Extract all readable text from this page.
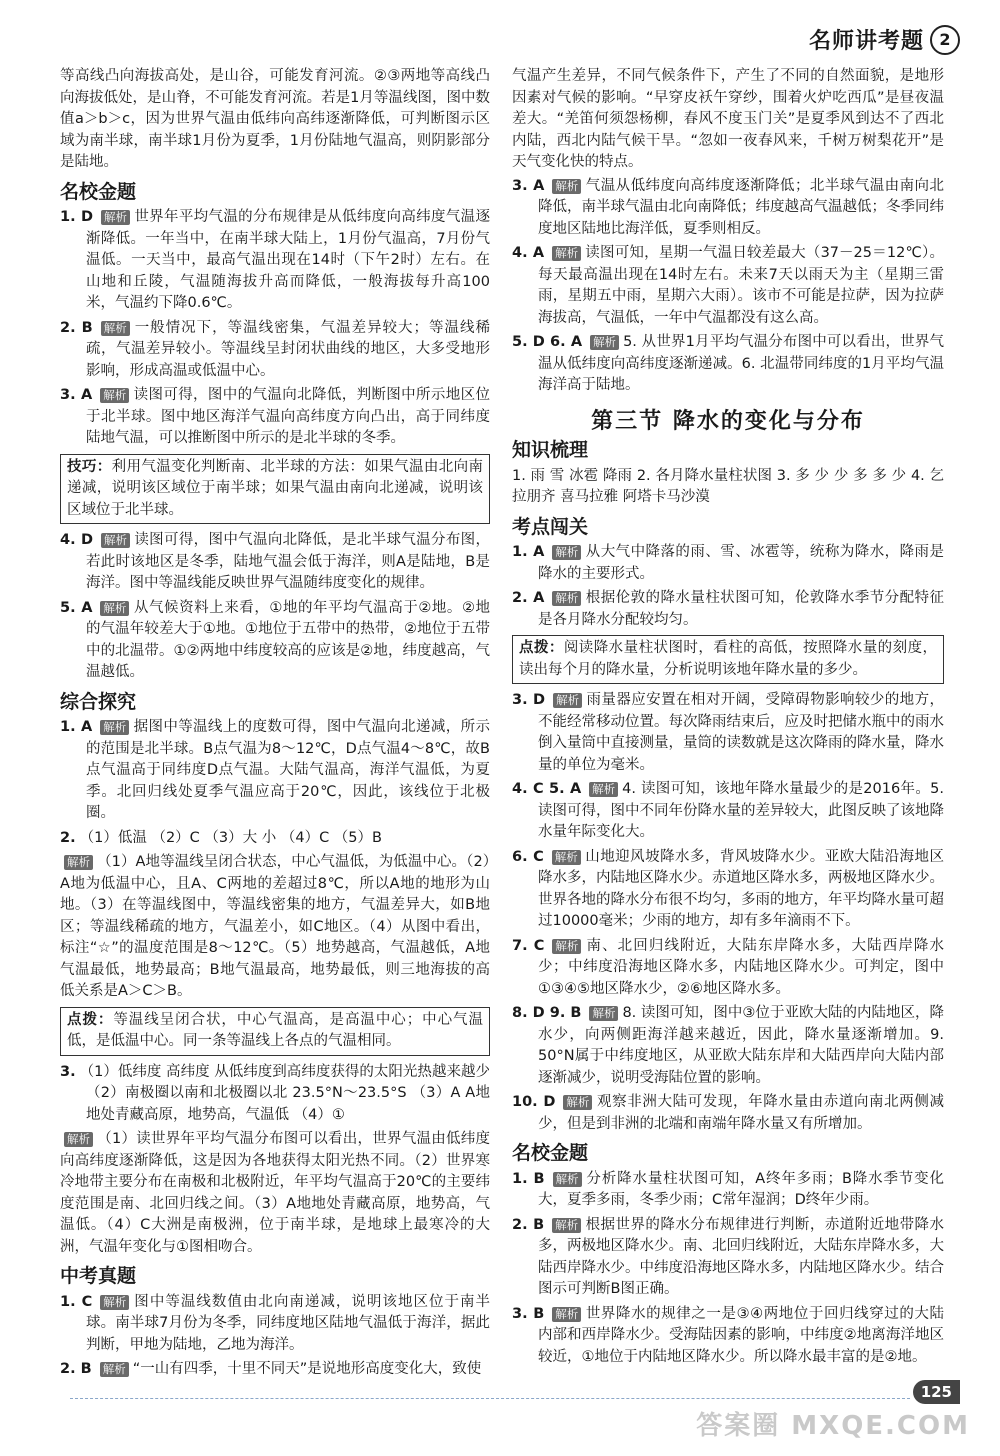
名师讲考题 2

等高线凸向海拔高处，是山谷，可能发育河流。②③两地等高线凸向海拔低处，是山脊，不可能发育河流。若是1月等温线图，图中数值a＞b＞c，因为世界气温由低纬向高纬逐渐降低，可判断图示区域为南半球，南半球1月份为夏季，1月份陆地气温高，则阴影部分是陆地。

名校金题
1. D 解析 世界年平均气温的分布规律是从低纬度向高纬度气温逐渐降低。一年当中，在南半球大陆上，1月份气温高，7月份气温低。一天当中，最高气温出现在14时（下午2时）左右。在山地和丘陵，气温随海拔升高而降低，一般海拔每升高100米，气温约下降0.6℃。
2. B 解析 一般情况下，等温线密集，气温差异较大；等温线稀疏，气温差异较小。等温线呈封闭状曲线的地区，大多受地形影响，形成高温或低温中心。
3. A 解析 读图可得，图中的气温向北降低，判断图中所示地区位于北半球。图中地区海洋气温向高纬度方向凸出，高于同纬度陆地气温，可以推断图中所示的是北半球的冬季。
技巧：利用气温变化判断南、北半球的方法：如果气温由北向南递减，说明该区域位于南半球；如果气温由南向北递减，说明该区域位于北半球。
4. D 解析 读图可得，图中气温向北降低，是北半球气温分布图，若此时该地区是冬季，陆地气温会低于海洋，则A是陆地，B是海洋。图中等温线能反映世界气温随纬度变化的规律。
5. A 解析 从气候资料上来看，①地的年平均气温高于②地。②地的气温年较差大于①地。①地位于五带中的热带，②地位于五带中的北温带。①②两地中纬度较高的应该是②地，纬度越高，气温越低。
综合探究
1. A 解析 据图中等温线上的度数可得，图中气温向北递减，所示的范围是北半球。B点气温为8～12℃，D点气温4～8℃，故B点气温高于同纬度D点气温。大陆气温高，海洋气温低，为夏季。北回归线处夏季气温应高于20℃，因此，该线位于北极圈。
2. （1）低温 （2）C （3）大 小 （4）C （5）B

解析 （1）A地等温线呈闭合状态，中心气温低，为低温中心。（2）A地为低温中心，且A、C两地的差超过8℃，所以A地的地形为山地。（3）在等温线图中，等温线密集的地方，气温差异大，如B地区；等温线稀疏的地方，气温差小，如C地区。（4）从图中看出，标注“☆”的温度范围是8～12℃。（5）地势越高，气温越低，A地气温最低，地势最高；B地气温最高，地势最低，则三地海拔的高低关系是A＞C＞B。

点拨：等温线呈闭合状，中心气温高，是高温中心；中心气温低，是低温中心。同一条等温线上各点的气温相同。
3. （1）低纬度 高纬度 从低纬度到高纬度获得的太阳光热越来越少 （2）南极圈以南和北极圈以北 23.5°N～23.5°S （3）A A地地处青藏高原，地势高，气温低 （4）①

解析 （1）读世界年平均气温分布图可以看出，世界气温由低纬度向高纬度逐渐降低，这是因为各地获得太阳光热不同。（2）世界寒冷地带主要分布在南极和北极附近，年平均气温高于20℃的主要纬度范围是南、北回归线之间。（3）A地地处青藏高原，地势高，气温低。（4）C大洲是南极洲，位于南半球，是地球上最寒冷的大洲，气温年变化与①图相吻合。

中考真题
1. C 解析 图中等温线数值由北向南递减，说明该地区位于南半球。南半球7月份为冬季，同纬度地区陆地气温低于海洋，据此判断，甲地为陆地，乙地为海洋。
2. B 解析 “一山有四季，十里不同天”是说地形高度变化大，致使

气温产生差异，不同气候条件下，产生了不同的自然面貌，是地形因素对气候的影响。“早穿皮袄午穿纱，围着火炉吃西瓜”是昼夜温差大。“羌笛何须怨杨柳，春风不度玉门关”是夏季风到达不了西北内陆，西北内陆气候干旱。“忽如一夜春风来，千树万树梨花开”是天气变化快的特点。

3. A 解析 气温从低纬度向高纬度逐渐降低；北半球气温由南向北降低，南半球气温由北向南降低；纬度越高气温越低；冬季同纬度地区陆地比海洋低，夏季则相反。
4. A 解析 读图可知，星期一气温日较差最大（37－25＝12℃）。每天最高温出现在14时左右。未来7天以雨天为主（星期三雷雨，星期五中雨，星期六大雨）。该市不可能是拉萨，因为拉萨海拔高，气温低，一年中气温都没有这么高。
5. D 6. A 解析 5. 从世界1月平均气温分布图中可以看出，世界气温从低纬度向高纬度逐渐递减。6. 北温带同纬度的1月平均气温海洋高于陆地。
第三节 降水的变化与分布
知识梳理

1. 雨 雪 冰雹 降雨 2. 各月降水量柱状图 3. 多 少 少 多 多 少 4. 乞拉朋齐 喜马拉雅 阿塔卡马沙漠

考点闯关
1. A 解析 从大气中降落的雨、雪、冰雹等，统称为降水，降雨是降水的主要形式。
2. A 解析 根据伦敦的降水量柱状图可知，伦敦降水季节分配特征是各月降水分配较均匀。
点拨：阅读降水量柱状图时，看柱的高低，按照降水量的刻度，读出每个月的降水量，分析说明该地年降水量的多少。
3. D 解析 雨量器应安置在相对开阔，受障碍物影响较少的地方，不能经常移动位置。每次降雨结束后，应及时把储水瓶中的雨水倒入量筒中直接测量，量筒的读数就是这次降雨的降水量，降水量的单位为毫米。
4. C 5. A 解析 4. 读图可知，该地年降水量最少的是2016年。5. 读图可得，图中不同年份降水量的差异较大，此图反映了该地降水量年际变化大。
6. C 解析 山地迎风坡降水多，背风坡降水少。亚欧大陆沿海地区降水多，内陆地区降水少。赤道地区降水多，两极地区降水少。世界各地的降水分布很不均匀，多雨的地方，年平均降水量可超过10000毫米；少雨的地方，却有多年滴雨不下。
7. C 解析 南、北回归线附近，大陆东岸降水多，大陆西岸降水少；中纬度沿海地区降水多，内陆地区降水少。可判定，图中①③④⑤地区降水少，②⑥地区降水多。
8. D 9. B 解析 8. 读图可知，图中③位于亚欧大陆的内陆地区，降水少，向两侧距海洋越来越近，因此，降水量逐渐增加。9. 50°N属于中纬度地区，从亚欧大陆东岸和大陆西岸向大陆内部逐渐减少，说明受海陆位置的影响。
10. D 解析 观察非洲大陆可发现，年降水量由赤道向南北两侧减少，但是到非洲的北端和南端年降水量又有所增加。
名校金题
1. B 解析 分析降水量柱状图可知，A终年多雨；B降水季节变化大，夏季多雨，冬季少雨；C常年湿润；D终年少雨。
2. B 解析 根据世界的降水分布规律进行判断，赤道附近地带降水多，两极地区降水少。南、北回归线附近，大陆东岸降水多，大陆西岸降水少。中纬度沿海地区降水多，内陆地区降水少。结合图示可判断B图正确。
3. B 解析 世界降水的规律之一是③④两地位于回归线穿过的大陆内部和西岸降水少。受海陆因素的影响，中纬度②地离海洋地区较近，①地位于内陆地区降水少。所以降水最丰富的是②地。
125
答案圈 MXQE.COM
